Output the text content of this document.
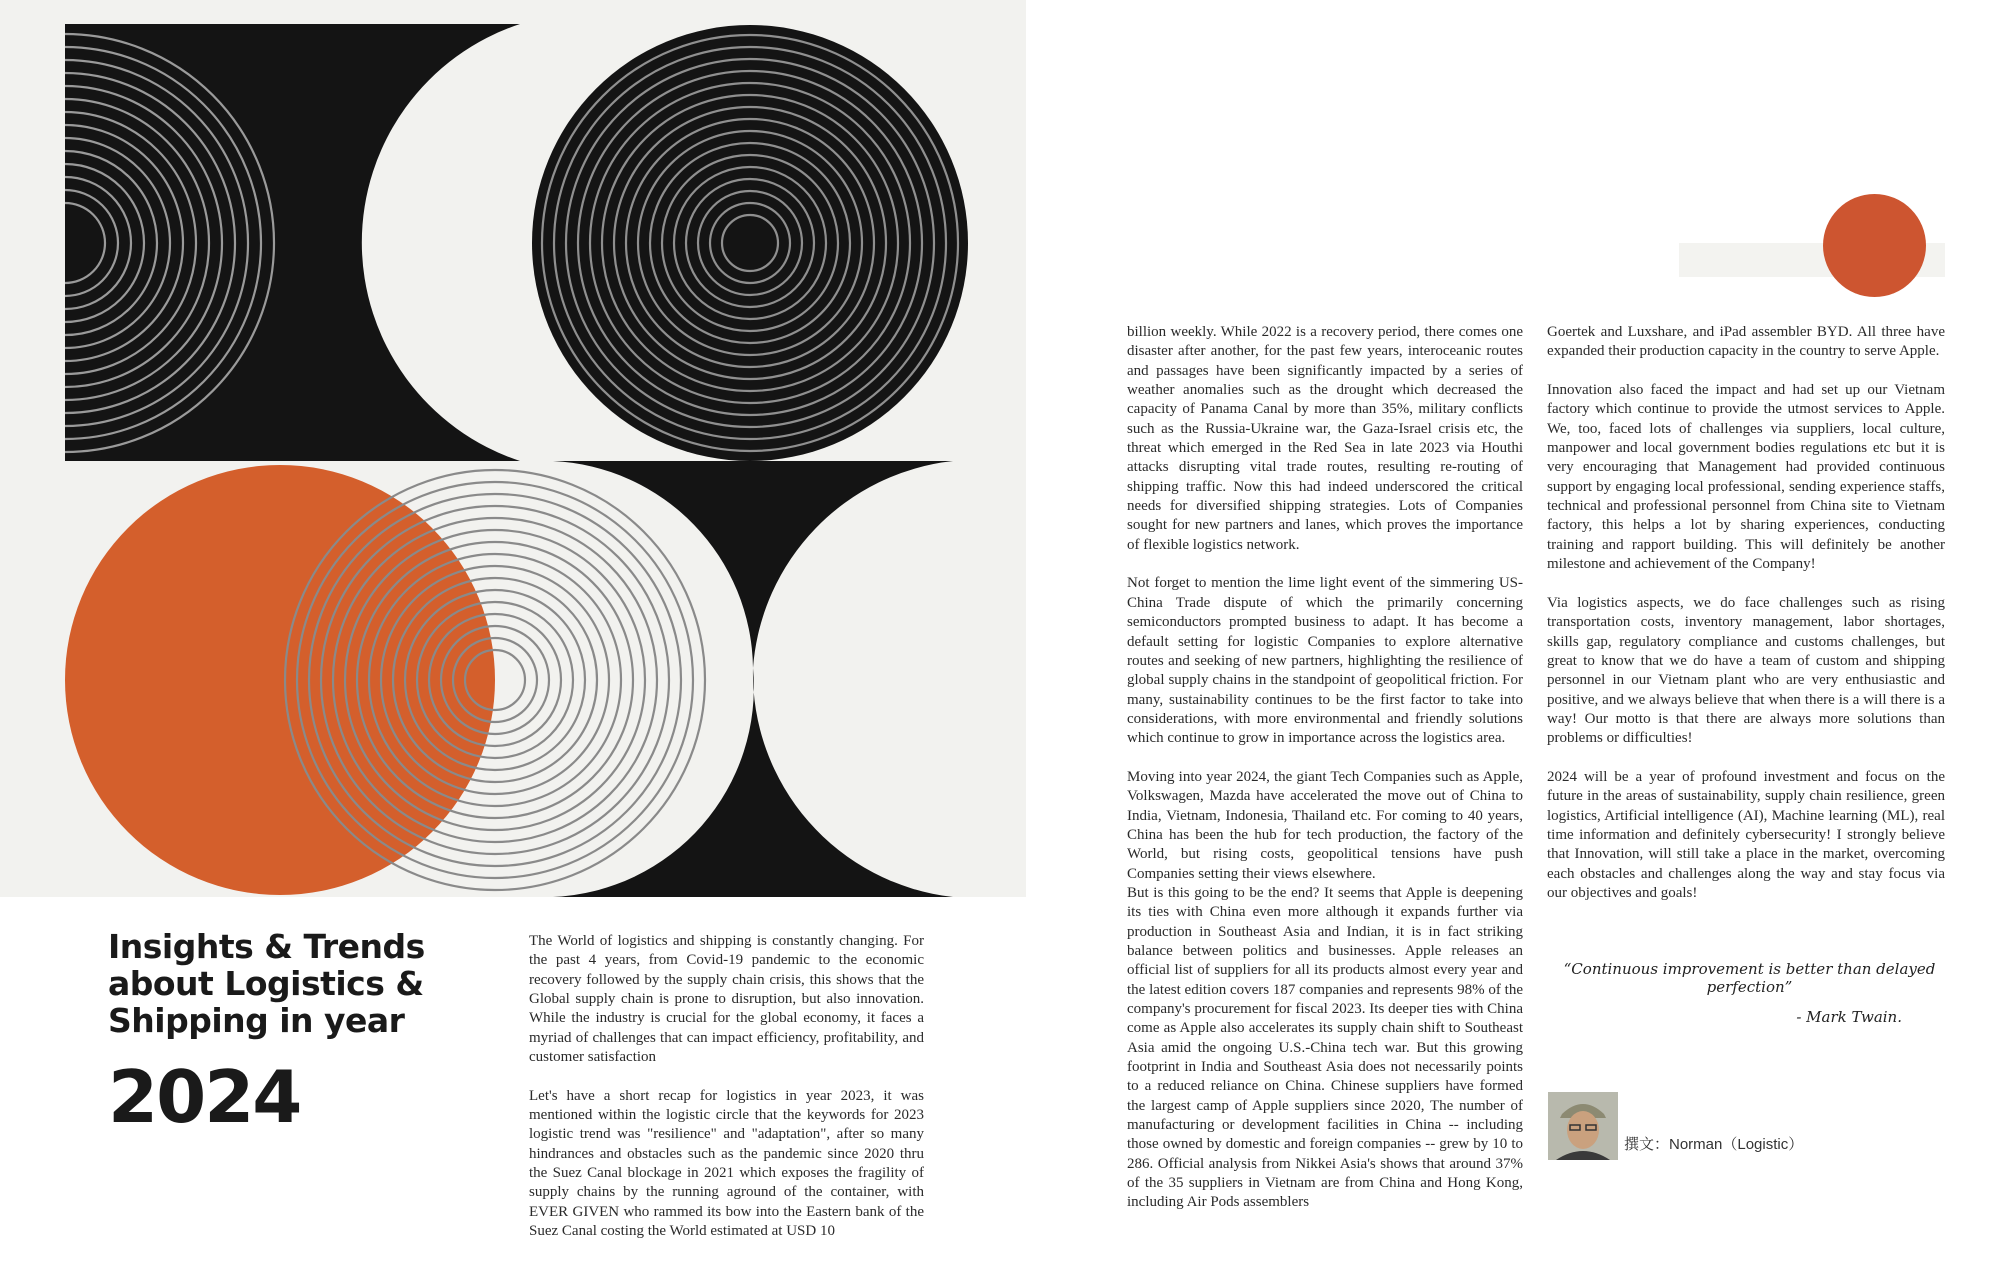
Insights & Trends about Logistics & Shipping in year
2024

The World of logistics and shipping is constantly changing. For the past 4 years, from Covid-19 pandemic to the economic recovery followed by the supply chain crisis, this shows that the Global supply chain is prone to disruption, but also innovation. While the industry is crucial for the global economy, it faces a myriad of challenges that can impact efficiency, profitability, and customer satisfaction

Let's have a short recap for logistics in year 2023, it was mentioned within the logistic circle that the keywords for 2023 logistic trend was "resilience" and "adaptation", after so many hindrances and obstacles such as the pandemic since 2020 thru the Suez Canal blockage in 2021 which exposes the fragility of supply chains by the running aground of the container, with EVER GIVEN who rammed its bow into the Eastern bank of the Suez Canal costing the World estimated at USD 10

billion weekly. While 2022 is a recovery period, there comes one disaster after another, for the past few years, interoceanic routes and passages have been significantly impacted by a series of weather anomalies such as the drought which decreased the capacity of Panama Canal by more than 35%, military conflicts such as the Russia-Ukraine war, the Gaza-Israel crisis etc, the threat which emerged in the Red Sea in late 2023 via Houthi attacks disrupting vital trade routes, resulting re-routing of shipping traffic. Now this had indeed underscored the critical needs for diversified shipping strategies. Lots of Companies sought for new partners and lanes, which proves the importance of flexible logistics network.

Not forget to mention the lime light event of the simmering US-China Trade dispute of which the primarily concerning semiconductors prompted business to adapt. It has become a default setting for logistic Companies to explore alternative routes and seeking of new partners, highlighting the resilience of global supply chains in the standpoint of geopolitical friction. For many, sustainability continues to be the first factor to take into considerations, with more environmental and friendly solutions which continue to grow in importance across the logistics area.

Moving into year 2024, the giant Tech Companies such as Apple, Volkswagen, Mazda have accelerated the move out of China to India, Vietnam, Indonesia, Thailand etc. For coming to 40 years, China has been the hub for tech production, the factory of the World, but rising costs, geopolitical tensions have push Companies setting their views elsewhere.

But is this going to be the end? It seems that Apple is deepening its ties with China even more although it expands further via production in Southeast Asia and Indian, it is in fact striking balance between politics and businesses. Apple releases an official list of suppliers for all its products almost every year and the latest edition covers 187 companies and represents 98% of the company's procurement for fiscal 2023. Its deeper ties with China come as Apple also accelerates its supply chain shift to Southeast Asia amid the ongoing U.S.-China tech war. But this growing footprint in India and Southeast Asia does not necessarily points to a reduced reliance on China. Chinese suppliers have formed the largest camp of Apple suppliers since 2020, The number of manufacturing or development facilities in China -- including those owned by domestic and foreign companies -- grew by 10 to 286. Official analysis from Nikkei Asia's shows that around 37% of the 35 suppliers in Vietnam are from China and Hong Kong, including Air Pods assemblers

Goertek and Luxshare, and iPad assembler BYD. All three have expanded their production capacity in the country to serve Apple.

Innovation also faced the impact and had set up our Vietnam factory which continue to provide the utmost services to Apple. We, too, faced lots of challenges via suppliers, local culture, manpower and local government bodies regulations etc but it is very encouraging that Management had provided continuous support by engaging local professional, sending experience staffs, technical and professional personnel from China site to Vietnam factory, this helps a lot by sharing experiences, conducting training and rapport building. This will definitely be another milestone and achievement of the Company!

Via logistics aspects, we do face challenges such as rising transportation costs, inventory management, labor shortages, skills gap, regulatory compliance and customs challenges, but great to know that we do have a team of custom and shipping personnel in our Vietnam plant who are very enthusiastic and positive, and we always believe that when there is a will there is a way! Our motto is that there are always more solutions than problems or difficulties!

2024 will be a year of profound investment and focus on the future in the areas of sustainability, supply chain resilience, green logistics, Artificial intelligence (AI), Machine learning (ML), real time information and definitely cybersecurity! I strongly believe that Innovation, will still take a place in the market, overcoming each obstacles and challenges along the way and stay focus via our objectives and goals!

“Continuous improvement is better than delayed perfection”
- Mark Twain.
撰文：Norman（Logistic）
